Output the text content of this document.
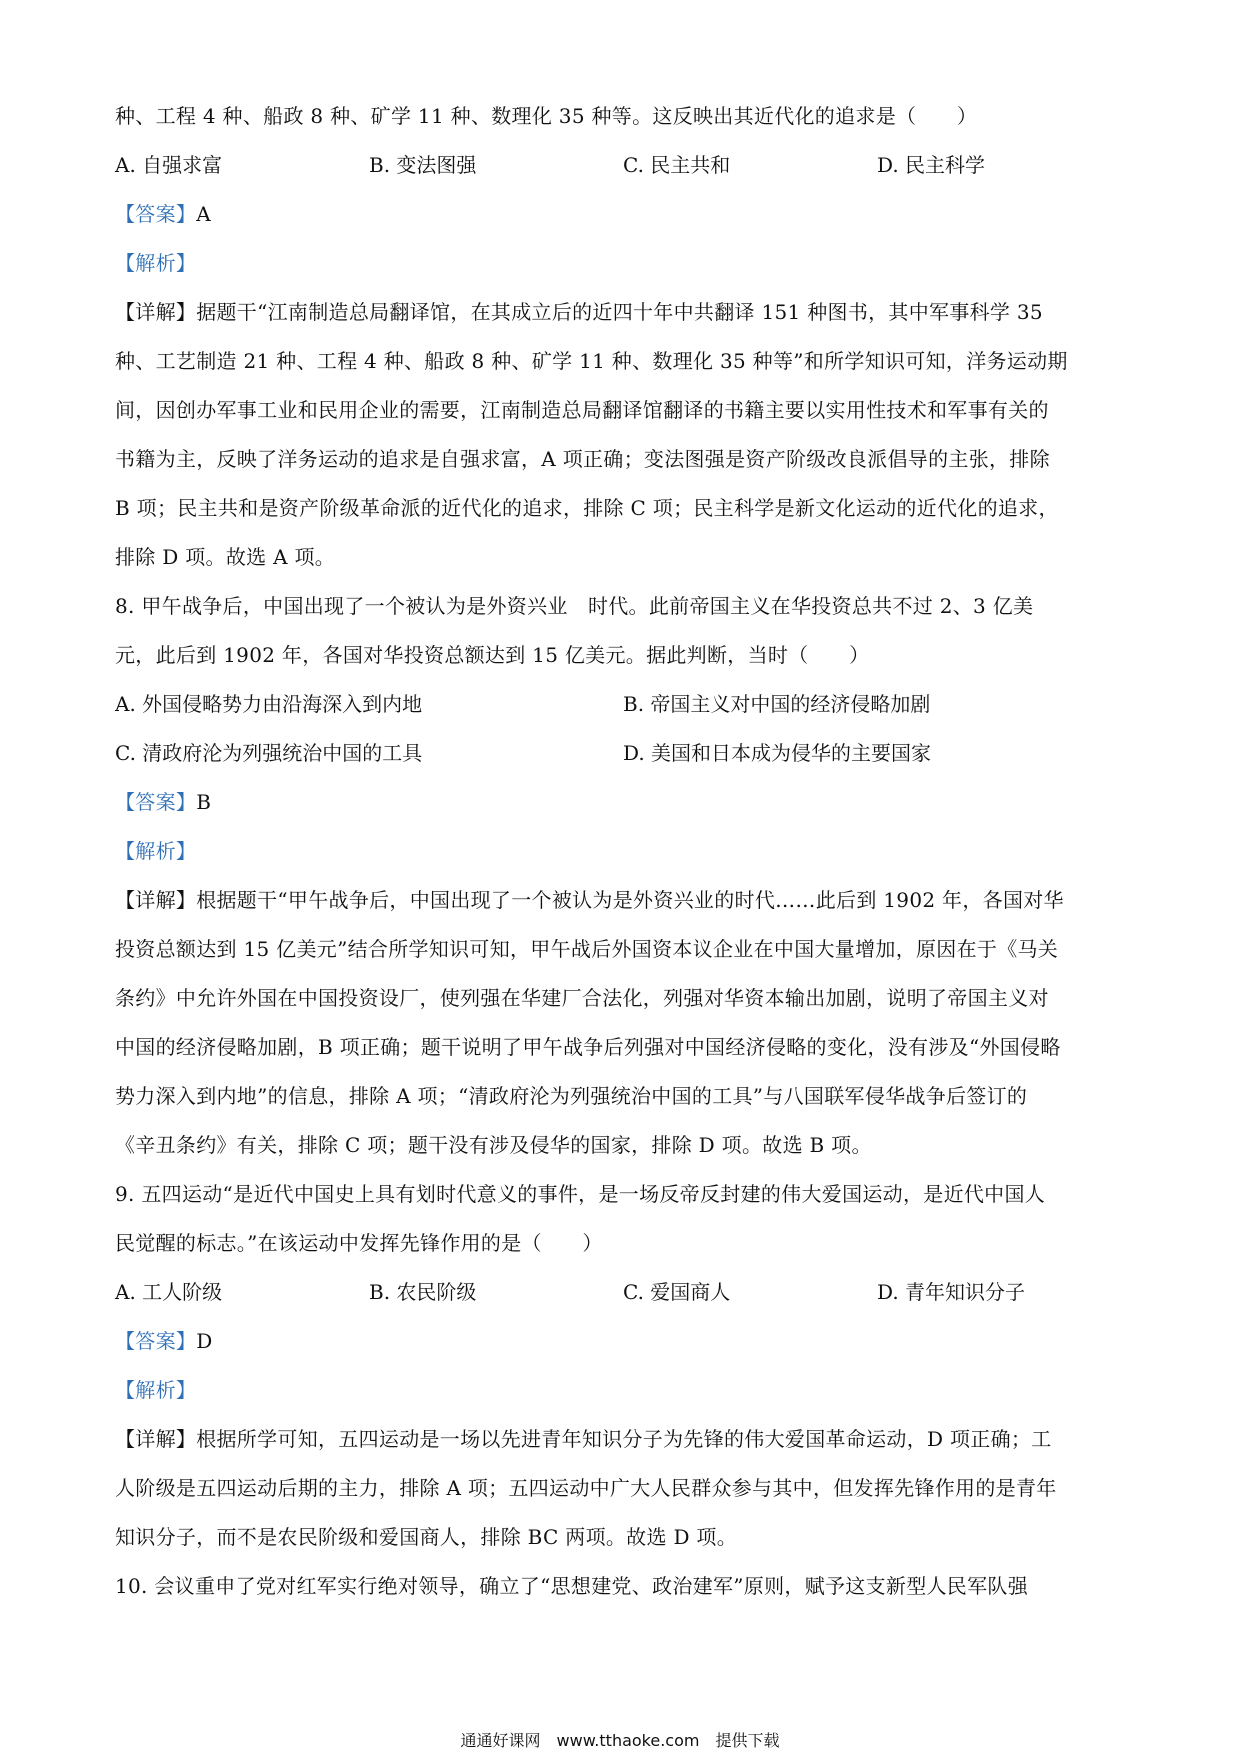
种、工程 4 种、船政 8 种、矿学 11 种、数理化 35 种等。这反映出其近代化的追求是（　　）
A. 自强求富	B. 变法图强	C. 民主共和	D. 民主科学
【答案】A
【解析】
【详解】据题干“江南制造总局翻译馆，在其成立后的近四十年中共翻译 151 种图书，其中军事科学 35
种、工艺制造 21 种、工程 4 种、船政 8 种、矿学 11 种、数理化 35 种等”和所学知识可知，洋务运动期
间，因创办军事工业和民用企业的需要，江南制造总局翻译馆翻译的书籍主要以实用性技术和军事有关的
书籍为主，反映了洋务运动的追求是自强求富，A 项正确；变法图强是资产阶级改良派倡导的主张，排除
B 项；民主共和是资产阶级革命派的近代化的追求，排除 C 项；民主科学是新文化运动的近代化的追求，
排除 D 项。故选 A 项。
8. 甲午战争后，中国出现了一个被认为是外资兴业　时代。此前帝国主义在华投资总共不过 2、3 亿美
元，此后到 1902 年，各国对华投资总额达到 15 亿美元。据此判断，当时（　　）
A. 外国侵略势力由沿海深入到内地	B. 帝国主义对中国的经济侵略加剧
C. 清政府沦为列强统治中国的工具	D. 美国和日本成为侵华的主要国家
【答案】B
【解析】
【详解】根据题干“甲午战争后，中国出现了一个被认为是外资兴业的时代……此后到 1902 年，各国对华
投资总额达到 15 亿美元”结合所学知识可知，甲午战后外国资本议企业在中国大量增加，原因在于《马关
条约》中允许外国在中国投资设厂，使列强在华建厂合法化，列强对华资本输出加剧，说明了帝国主义对
中国的经济侵略加剧，B 项正确；题干说明了甲午战争后列强对中国经济侵略的变化，没有涉及“外国侵略
势力深入到内地”的信息，排除 A 项；“清政府沦为列强统治中国的工具”与八国联军侵华战争后签订的
《辛丑条约》有关，排除 C 项；题干没有涉及侵华的国家，排除 D 项。故选 B 项。
9. 五四运动“是近代中国史上具有划时代意义的事件，是一场反帝反封建的伟大爱国运动，是近代中国人
民觉醒的标志。”在该运动中发挥先锋作用的是（　　）
A. 工人阶级	B. 农民阶级	C. 爱国商人	D. 青年知识分子
【答案】D
【解析】
【详解】根据所学可知，五四运动是一场以先进青年知识分子为先锋的伟大爱国革命运动，D 项正确；工
人阶级是五四运动后期的主力，排除 A 项；五四运动中广大人民群众参与其中，但发挥先锋作用的是青年
知识分子，而不是农民阶级和爱国商人，排除 BC 两项。故选 D 项。
10. 会议重申了党对红军实行绝对领导，确立了“思想建党、政治建军”原则，赋予这支新型人民军队强
通通好课网　www.tthaoke.com　提供下载
